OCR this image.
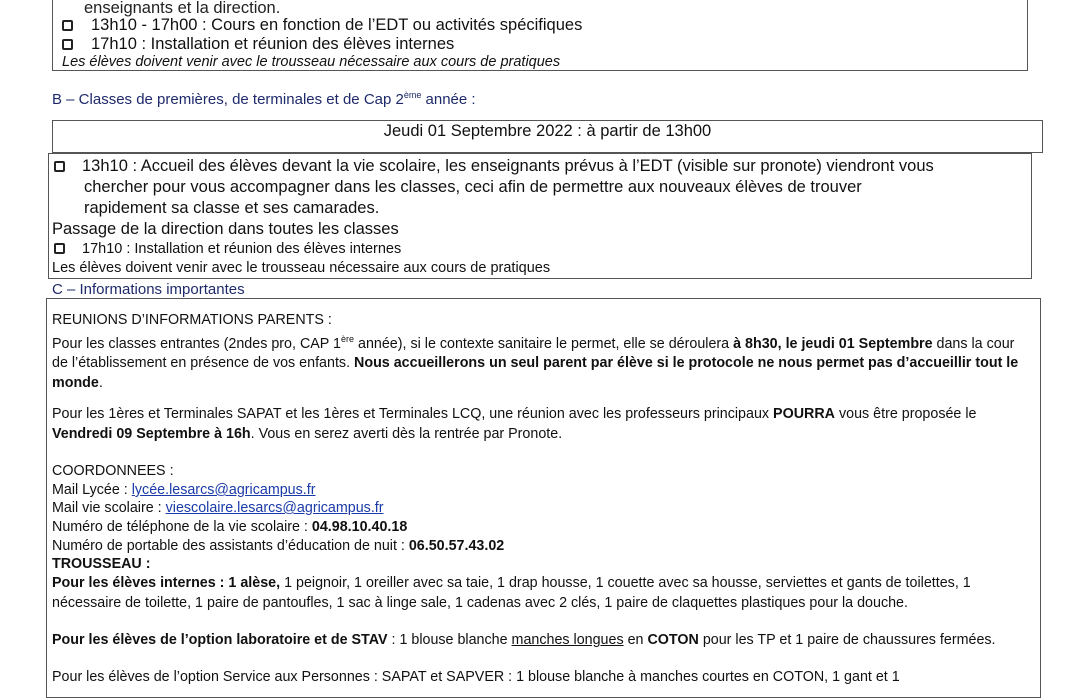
enseignants et la direction.
13h10 - 17h00 : Cours en fonction de l’EDT ou activités spécifiques
17h10 : Installation et réunion des élèves internes
Les élèves doivent venir avec le trousseau nécessaire aux cours de pratiques
B – Classes de premières, de terminales et de Cap 2ème année :
Jeudi 01 Septembre 2022 : à partir de 13h00
13h10 : Accueil des élèves devant la vie scolaire, les enseignants prévus à l’EDT (visible sur pronote) viendront vous
chercher pour vous accompagner dans les classes, ceci afin de permettre aux nouveaux élèves de trouver
rapidement sa classe et ses camarades.
Passage de la direction dans toutes les classes
17h10 : Installation et réunion des élèves internes
Les élèves doivent venir avec le trousseau nécessaire aux cours de pratiques
C – Informations importantes
REUNIONS D’INFORMATIONS PARENTS :
Pour les classes entrantes (2ndes pro, CAP 1ère année), si le contexte sanitaire le permet, elle se déroulera à 8h30, le jeudi 01 Septembre dans la cour de l’établissement en présence de vos enfants. Nous accueillerons un seul parent par élève si le protocole ne nous permet pas d’accueillir tout le monde.
Pour les 1ères et Terminales SAPAT et les 1ères et Terminales LCQ, une réunion avec les professeurs principaux POURRA vous être proposée le Vendredi 09 Septembre à 16h. Vous en serez averti dès la rentrée par Pronote.
COORDONNEES :
Mail Lycée : lycée.lesarcs@agricampus.fr
Mail vie scolaire : viescolaire.lesarcs@agricampus.fr
Numéro de téléphone de la vie scolaire : 04.98.10.40.18
Numéro de portable des assistants d’éducation de nuit : 06.50.57.43.02
TROUSSEAU :
Pour les élèves internes : 1 alèse, 1 peignoir, 1 oreiller avec sa taie, 1 drap housse, 1 couette avec sa housse, serviettes et gants de toilettes, 1 nécessaire de toilette, 1 paire de pantoufles, 1 sac à linge sale, 1 cadenas avec 2 clés, 1 paire de claquettes plastiques pour la douche.
Pour les élèves de l’option laboratoire et de STAV : 1 blouse blanche manches longues en COTON pour les TP et 1 paire de chaussures fermées.
Pour les élèves de l’option Service aux Personnes : SAPAT et SAPVER : 1 blouse blanche à manches courtes en COTON, 1 gant et 1
